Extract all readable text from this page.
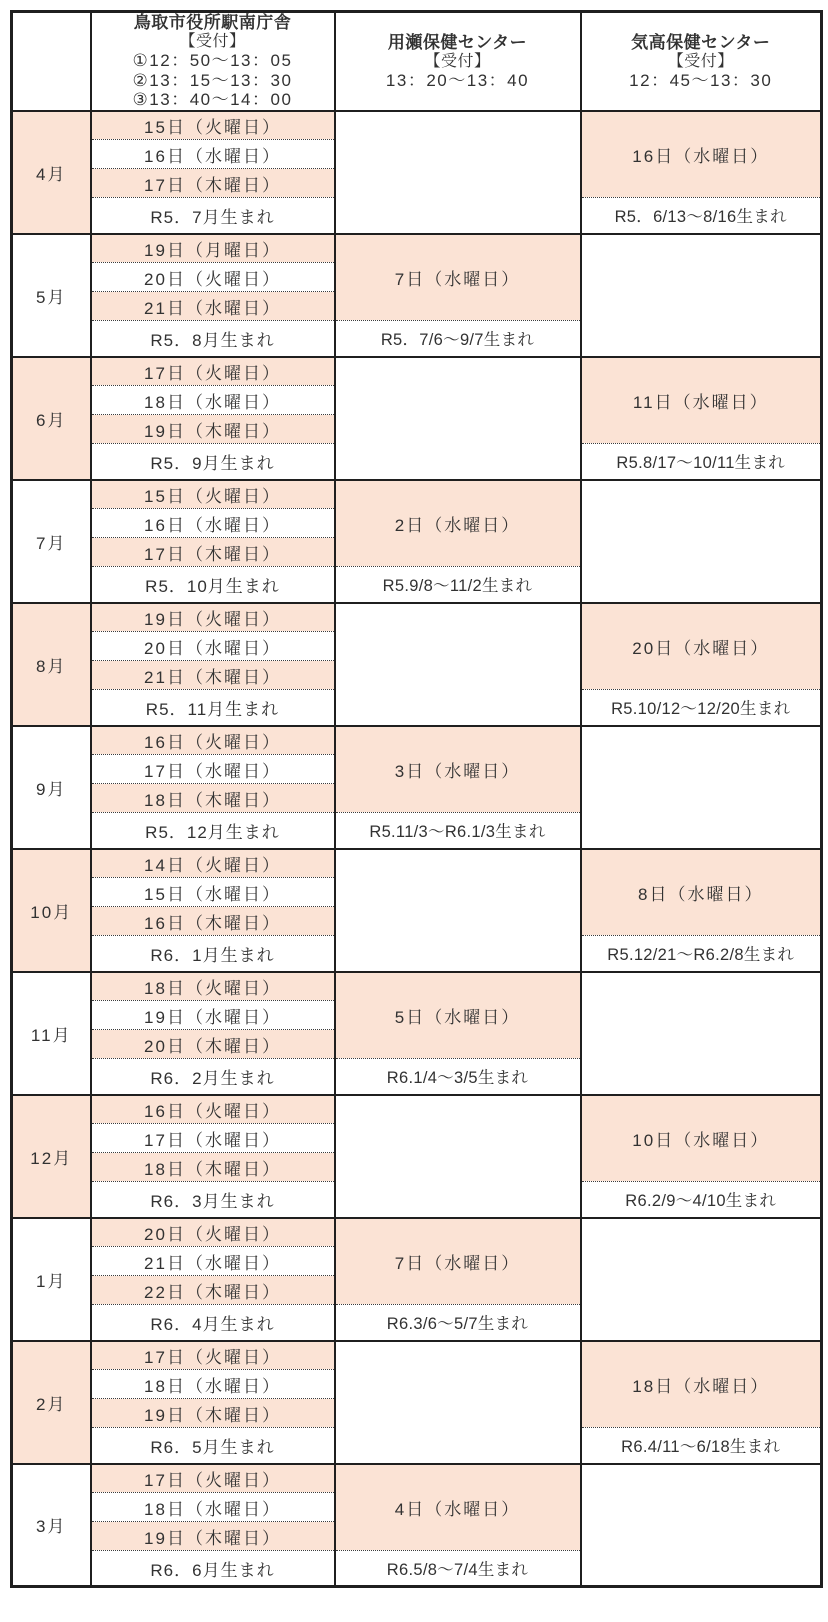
鳥取市役所駅南庁舎
【受付】
①12：50～13：05
②13：15～13：30
③13：40～14：00

用瀬保健センター
【受付】
13：20～13：40

気高保健センター
【受付】
12：45～13：30

4月	15日（火曜日）		16日（水曜日）
	16日（水曜日）		
	17日（木曜日）		
	R5．7月生まれ		R5．6/13～8/16生まれ
5月	19日（月曜日）	7日（水曜日）	
	20日（火曜日）		
	21日（水曜日）		
	R5．8月生まれ	R5．7/6～9/7生まれ	
6月	17日（火曜日）		11日（水曜日）
	18日（水曜日）		
	19日（木曜日）		
	R5．9月生まれ		R5.8/17～10/11生まれ
7月	15日（火曜日）	2日（水曜日）	
	16日（水曜日）		
	17日（木曜日）		
	R5．10月生まれ	R5.9/8～11/2生まれ	
8月	19日（火曜日）		20日（水曜日）
	20日（水曜日）		
	21日（木曜日）		
	R5．11月生まれ		R5.10/12～12/20生まれ
9月	16日（火曜日）	3日（水曜日）	
	17日（水曜日）		
	18日（木曜日）		
	R5．12月生まれ	R5.11/3～R6.1/3生まれ	
10月	14日（火曜日）		8日（水曜日）
	15日（水曜日）		
	16日（木曜日）		
	R6．1月生まれ		R5.12/21～R6.2/8生まれ
11月	18日（火曜日）	5日（水曜日）	
	19日（水曜日）		
	20日（木曜日）		
	R6．2月生まれ	R6.1/4～3/5生まれ	
12月	16日（火曜日）		10日（水曜日）
	17日（水曜日）		
	18日（木曜日）		
	R6．3月生まれ		R6.2/9～4/10生まれ
1月	20日（火曜日）	7日（水曜日）	
	21日（水曜日）		
	22日（木曜日）		
	R6．4月生まれ	R6.3/6～5/7生まれ	
2月	17日（火曜日）		18日（水曜日）
	18日（水曜日）		
	19日（木曜日）		
	R6．5月生まれ		R6.4/11～6/18生まれ
3月	17日（火曜日）	4日（水曜日）	
	18日（水曜日）		
	19日（木曜日）		
	R6．6月生まれ	R6.5/8～7/4生まれ	
